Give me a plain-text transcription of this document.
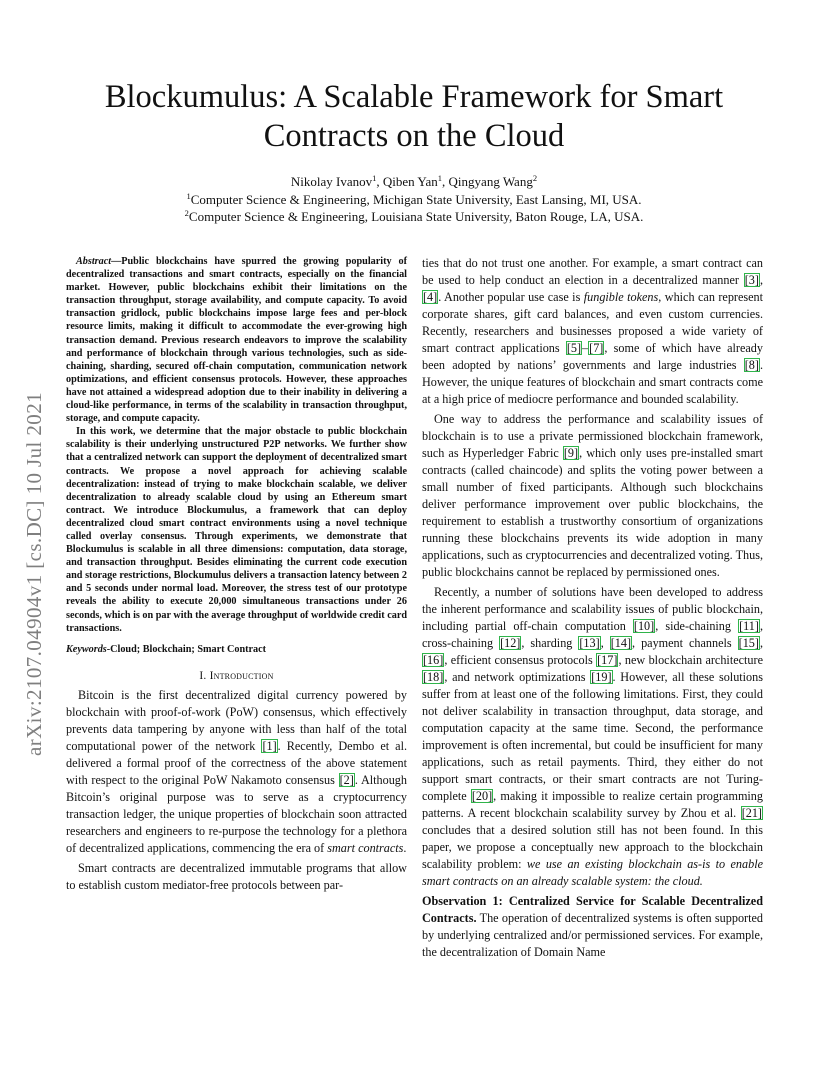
arXiv:2107.04904v1 [cs.DC] 10 Jul 2021
Blockumulus: A Scalable Framework for Smart Contracts on the Cloud
Nikolay Ivanov$^1$, Qiben Yan$^1$, Qingyang Wang$^2$
$^1$Computer Science & Engineering, Michigan State University, East Lansing, MI, USA.
$^2$Computer Science & Engineering, Louisiana State University, Baton Rouge, LA, USA.

Abstract—Public blockchains have spurred the growing popularity of decentralized transactions and smart contracts, especially on the financial market. However, public blockchains exhibit their limitations on the transaction throughput, storage availability, and compute capacity. To avoid transaction gridlock, public blockchains impose large fees and per-block resource limits, making it difficult to accommodate the ever-growing high transaction demand. Previous research endeavors to improve the scalability and performance of blockchain through various technologies, such as side-chaining, sharding, secured off-chain computation, communication network optimizations, and efficient consensus protocols. However, these approaches have not attained a widespread adoption due to their inability in delivering a cloud-like performance, in terms of the scalability in transaction throughput, storage, and compute capacity.

In this work, we determine that the major obstacle to public blockchain scalability is their underlying unstructured P2P networks. We further show that a centralized network can support the deployment of decentralized smart contracts. We propose a novel approach for achieving scalable decentralization: instead of trying to make blockchain scalable, we deliver decentralization to already scalable cloud by using an Ethereum smart contract. We introduce Blockumulus, a framework that can deploy decentralized cloud smart contract environments using a novel technique called overlay consensus. Through experiments, we demonstrate that Blockumulus is scalable in all three dimensions: computation, data storage, and transaction throughput. Besides eliminating the current code execution and storage restrictions, Blockumulus delivers a transaction latency between 2 and 5 seconds under normal load. Moreover, the stress test of our prototype reveals the ability to execute 20,000 simultaneous transactions under 26 seconds, which is on par with the average throughput of worldwide credit card transactions.

Keywords-Cloud; Blockchain; Smart Contract
I. Introduction

Bitcoin is the first decentralized digital currency powered by blockchain with proof-of-work (PoW) consensus, which effectively prevents data tampering by anyone with less than half of the total computational power of the network [1]. Recently, Dembo et al. delivered a formal proof of the correctness of the above statement with respect to the original PoW Nakamoto consensus [2]. Although Bitcoin’s original purpose was to serve as a cryptocurrency transaction ledger, the unique properties of blockchain soon attracted researchers and engineers to re-purpose the technology for a plethora of decentralized applications, commencing the era of smart contracts.

Smart contracts are decentralized immutable programs that allow to establish custom mediator-free protocols between par-

ties that do not trust one another. For example, a smart contract can be used to help conduct an election in a decentralized manner [3], [4]. Another popular use case is fungible tokens, which can represent corporate shares, gift card balances, and even custom currencies. Recently, researchers and businesses proposed a wide variety of smart contract applications [5]–[7], some of which have already been adopted by nations’ governments and large industries [8]. However, the unique features of blockchain and smart contracts come at a high price of mediocre performance and bounded scalability.

One way to address the performance and scalability issues of blockchain is to use a private permissioned blockchain framework, such as Hyperledger Fabric [9], which only uses pre-installed smart contracts (called chaincode) and splits the voting power between a small number of fixed participants. Although such blockchains deliver performance improvement over public blockchains, the requirement to establish a trustworthy consortium of organizations running these blockchains prevents its wide adoption in many applications, such as cryptocurrencies and decentralized voting. Thus, public blockchains cannot be replaced by permissioned ones.

Recently, a number of solutions have been developed to address the inherent performance and scalability issues of public blockchain, including partial off-chain computation [10], side-chaining [11], cross-chaining [12], sharding [13], [14], payment channels [15], [16], efficient consensus protocols [17], new blockchain architecture [18], and network optimizations [19]. However, all these solutions suffer from at least one of the following limitations. First, they could not deliver scalability in transaction throughput, data storage, and computation capacity at the same time. Second, the performance improvement is often incremental, but could be insufficient for many applications, such as retail payments. Third, they either do not support smart contracts, or their smart contracts are not Turing-complete [20], making it impossible to realize certain programming patterns. A recent blockchain scalability survey by Zhou et al. [21] concludes that a desired solution still has not been found. In this paper, we propose a conceptually new approach to the blockchain scalability problem: we use an existing blockchain as-is to enable smart contracts on an already scalable system: the cloud.

Observation 1: Centralized Service for Scalable Decentralized Contracts. The operation of decentralized systems is often supported by underlying centralized and/or permissioned services. For example, the decentralization of Domain Name
